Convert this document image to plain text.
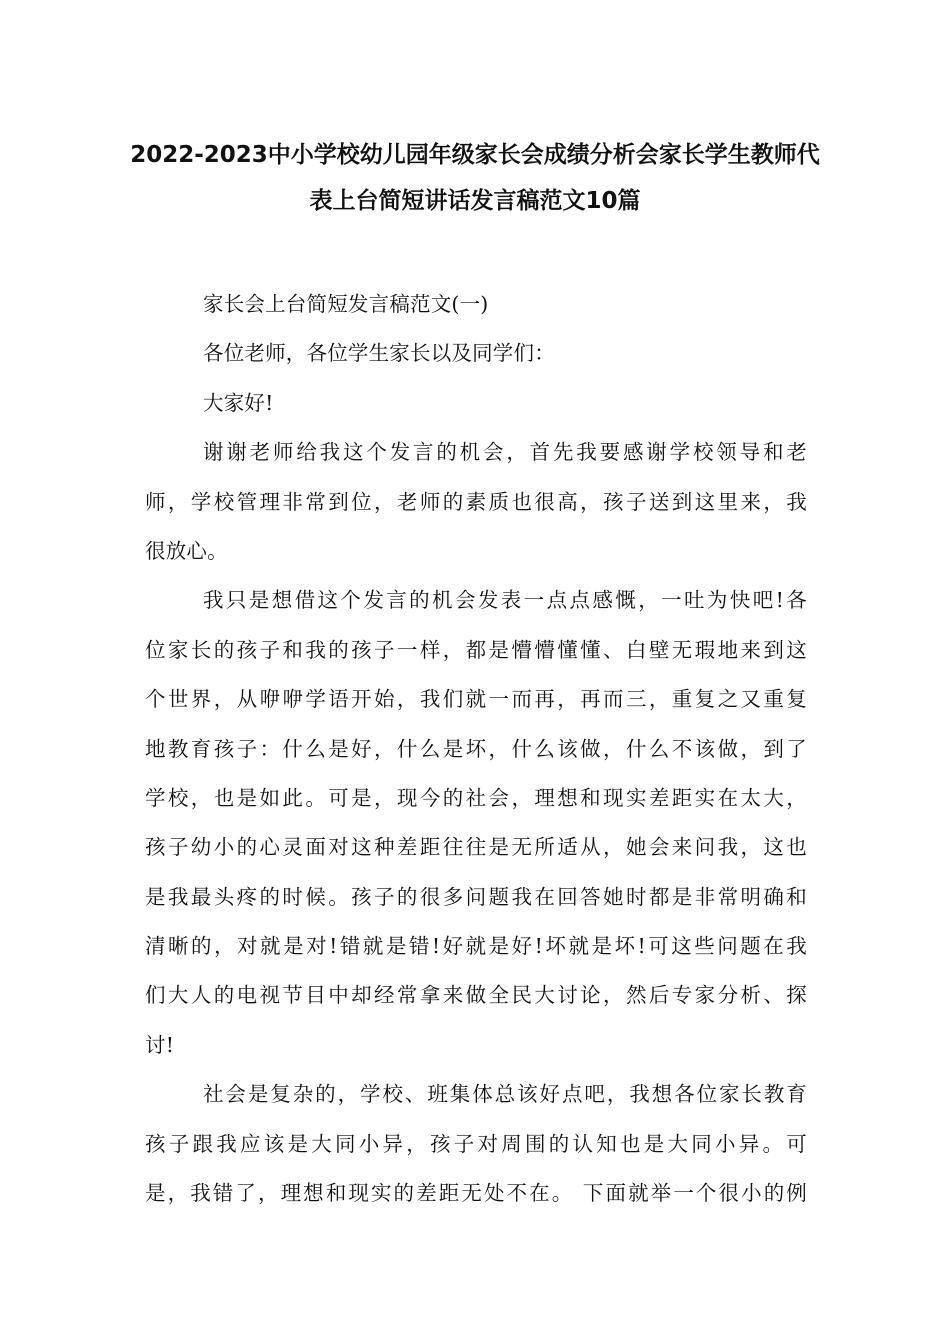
2022-2023中小学校幼儿园年级家长会成绩分析会家长学生教师代
表上台简短讲话发言稿范文10篇
家长会上台简短发言稿范文(一)
各位老师，各位学生家长以及同学们：
大家好!
谢谢老师给我这个发言的机会，首先我要感谢学校领导和老
师，学校管理非常到位，老师的素质也很高，孩子送到这里来，我
很放心。
我只是想借这个发言的机会发表一点点感慨，一吐为快吧!各
位家长的孩子和我的孩子一样，都是懵懵懂懂、白壁无瑕地来到这
个世界，从咿咿学语开始，我们就一而再，再而三，重复之又重复
地教育孩子：什么是好，什么是坏，什么该做，什么不该做，到了
学校，也是如此。可是，现今的社会，理想和现实差距实在太大，
孩子幼小的心灵面对这种差距往往是无所适从，她会来问我，这也
是我最头疼的时候。孩子的很多问题我在回答她时都是非常明确和
清晰的，对就是对!错就是错!好就是好!坏就是坏!可这些问题在我
们大人的电视节目中却经常拿来做全民大讨论，然后专家分析、探
讨!
社会是复杂的，学校、班集体总该好点吧，我想各位家长教育
孩子跟我应该是大同小异，孩子对周围的认知也是大同小异。可
是，我错了，理想和现实的差距无处不在。 下面就举一个很小的例
